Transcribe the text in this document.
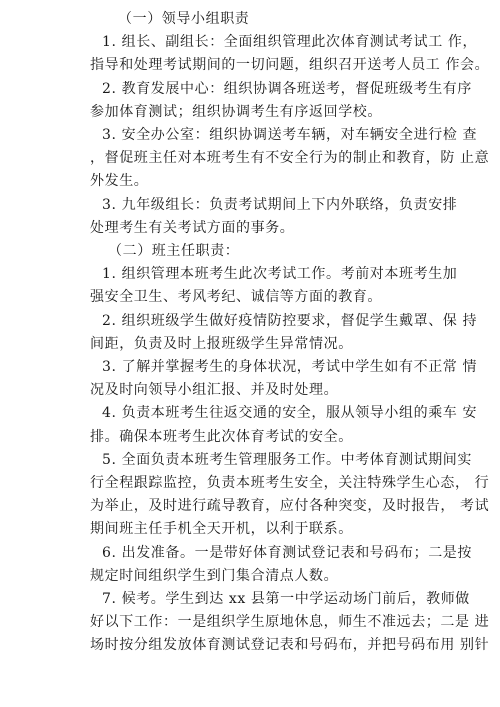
（一）领导小组职责
1. 组长、副组长：全面组织管理此次体育测试考试工 作，
指导和处理考试期间的一切问题，组织召开送考人员工 作会。
2. 教育发展中心：组织协调各班送考，督促班级考生有序
参加体育测试；组织协调考生有序返回学校。
3. 安全办公室：组织协调送考车辆，对车辆安全进行检 查
，督促班主任对本班考生有不安全行为的制止和教育，防 止意
外发生。
3. 九年级组长：负责考试期间上下内外联络，负责安排
处理考生有关考试方面的事务。
（二）班主任职责：
1. 组织管理本班考生此次考试工作。考前对本班考生加
强安全卫生、考风考纪、诚信等方面的教育。
2. 组织班级学生做好疫情防控要求，督促学生戴罩、保 持
间距，负责及时上报班级学生异常情况。
3. 了解并掌握考生的身体状况，考试中学生如有不正常 情
况及时向领导小组汇报、并及时处理。
4. 负责本班考生往返交通的安全，服从领导小组的乘车 安
排。确保本班考生此次体育考试的安全。
5. 全面负责本班考生管理服务工作。中考体育测试期间实
行全程跟踪监控，负责本班考生安全，关注特殊学生心态， 行
为举止，及时进行疏导教育，应付各种突变，及时报告， 考试
期间班主任手机全天开机，以利于联系。
6. 出发准备。一是带好体育测试登记表和号码布；二是按
规定时间组织学生到门集合清点人数。
7. 候考。学生到达 xx 县第一中学运动场门前后，教师做
好以下工作：一是组织学生原地休息，师生不准远去；二是 进
场时按分组发放体育测试登记表和号码布，并把号码布用 别针
